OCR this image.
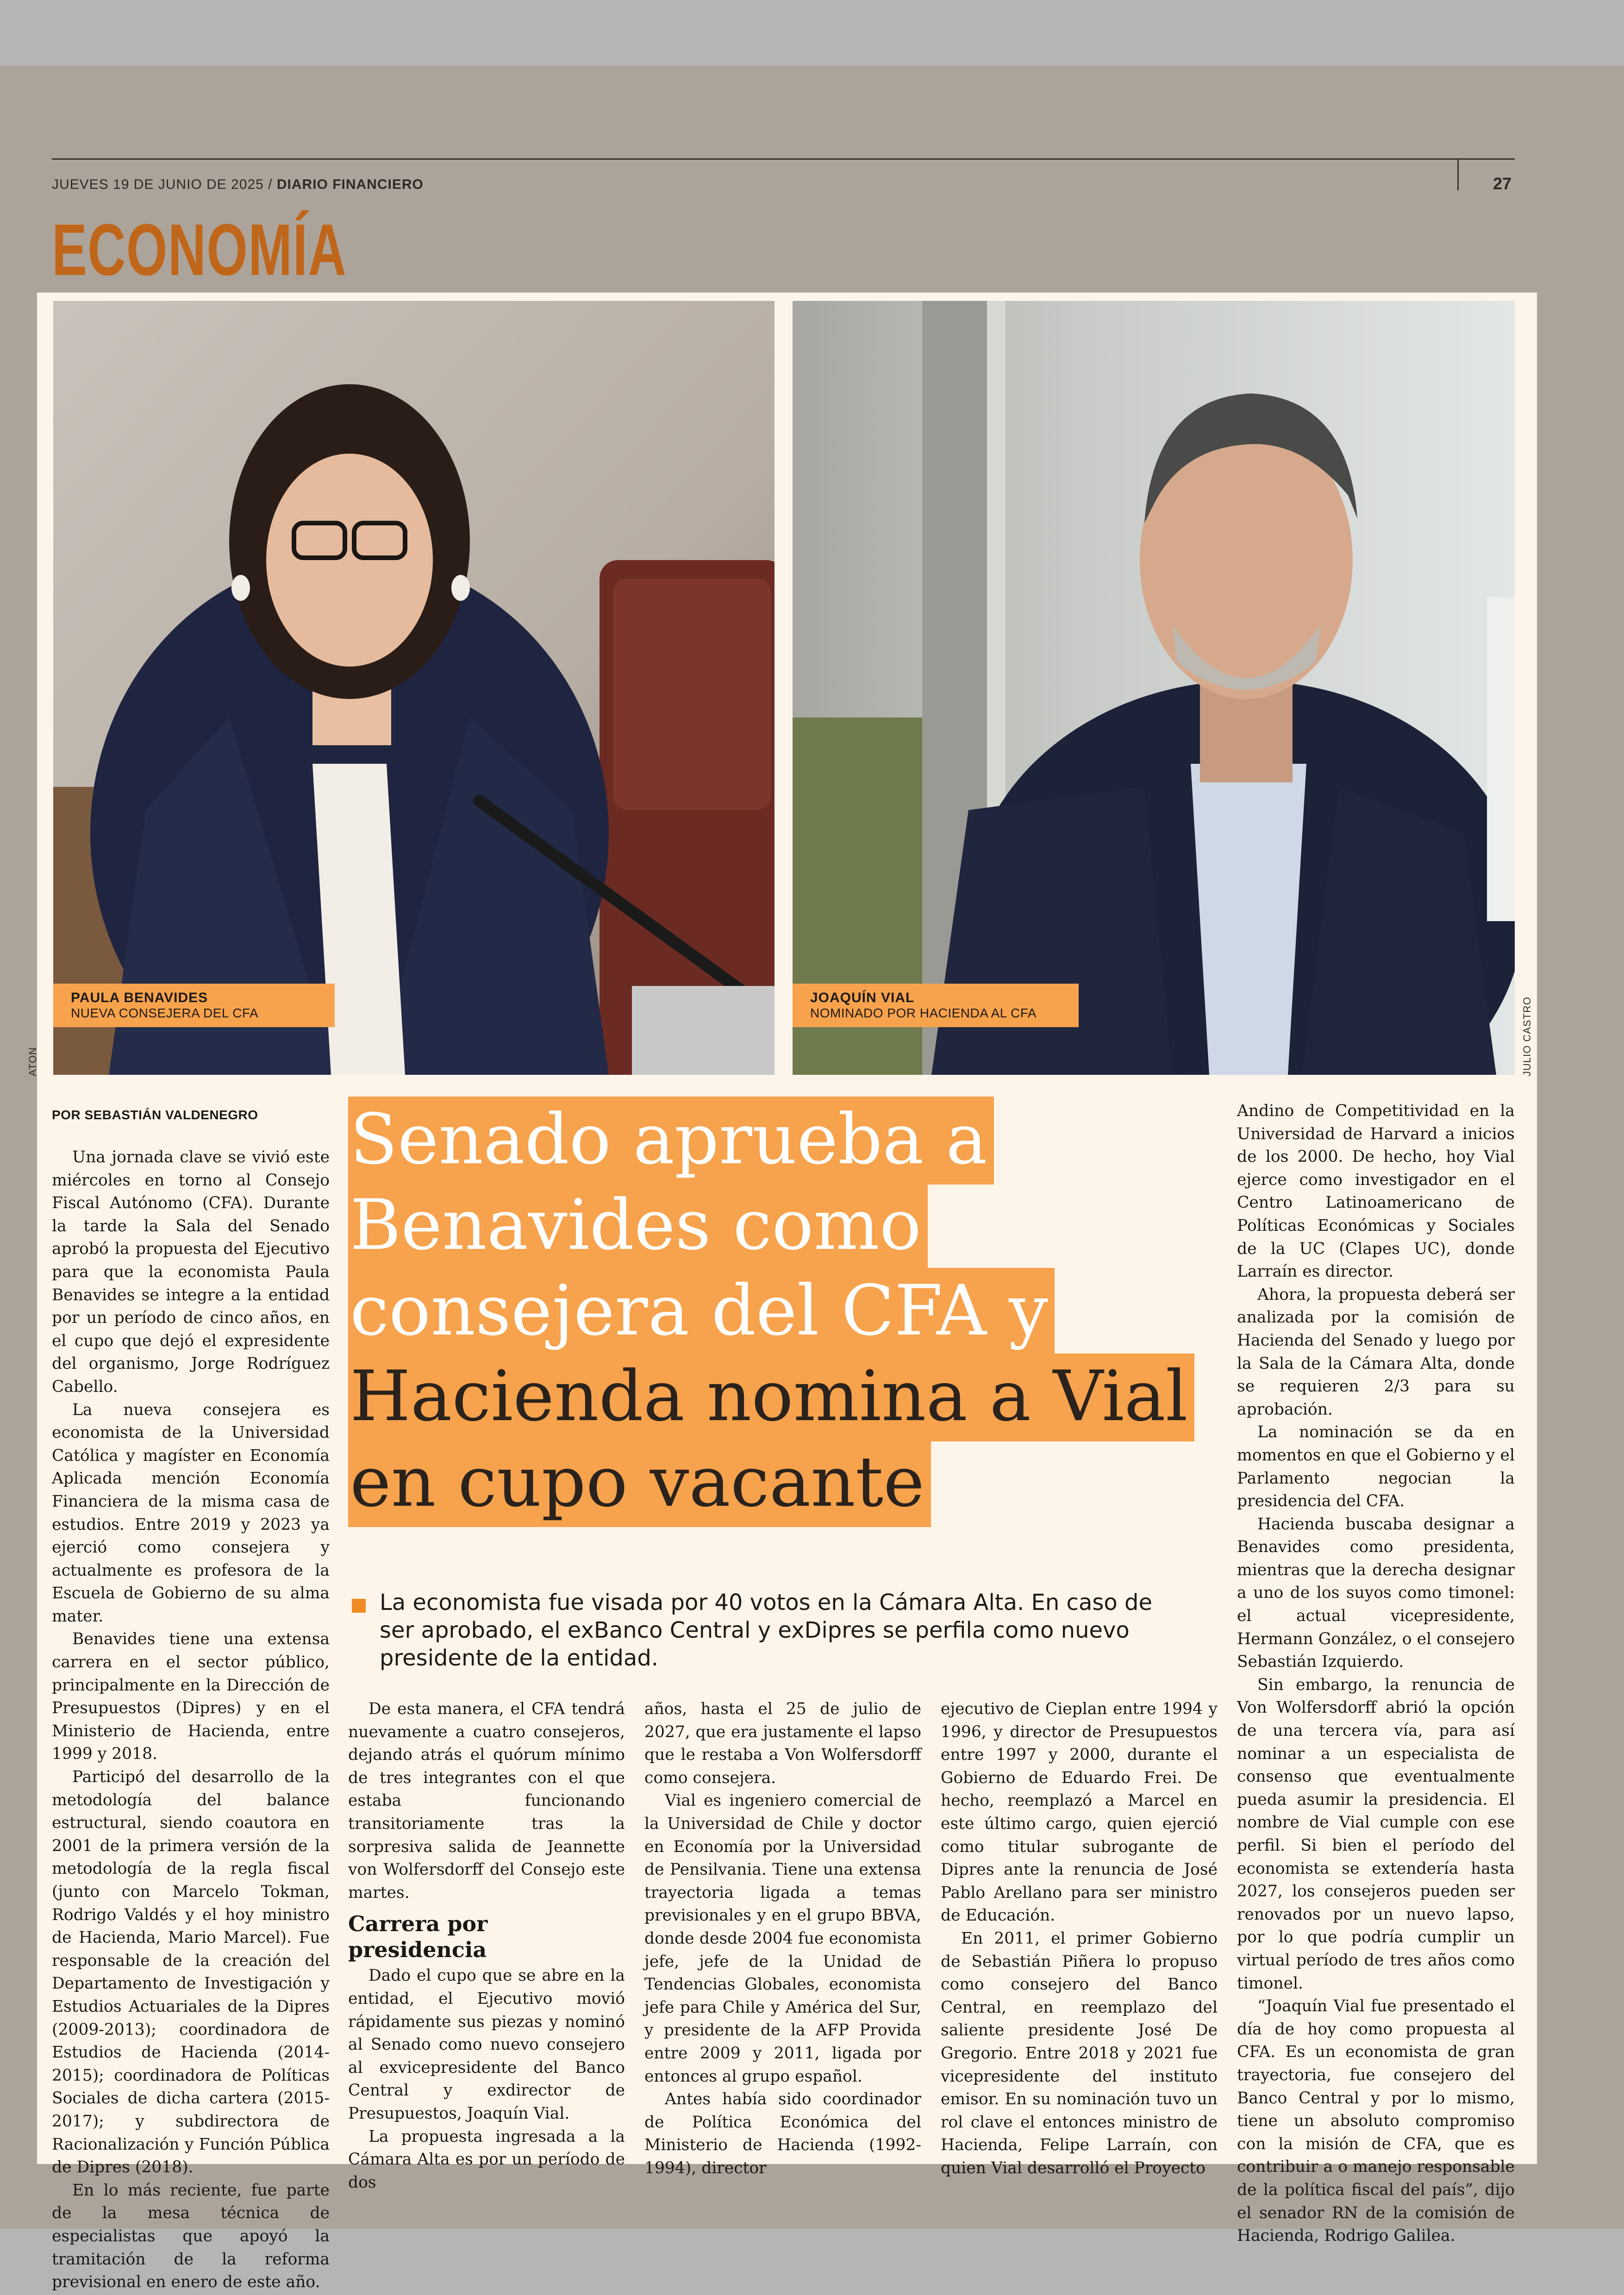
JUEVES 19 DE JUNIO DE 2025 / DIARIO FINANCIERO	27
ECONOMÍA
PAULA BENAVIDES
NUEVA CONSEJERA DEL CFA
ATON
JOAQUÍN VIAL
NOMINADO POR HACIENDA AL CFA	JULIO CASTRO
POR SEBASTIÁN VALDENEGRO

Una jornada clave se vivió este miércoles en torno al Consejo Fiscal Autónomo (CFA). Durante la tarde la Sala del Senado aprobó la propuesta del Ejecutivo para que la economista Paula Benavides se integre a la entidad por un período de cinco años, en el cupo que dejó el expresidente del organismo, Jorge Rodríguez Cabello.

La nueva consejera es economista de la Universidad Católica y magíster en Economía Aplicada mención Economía Financiera de la misma casa de estudios. Entre 2019 y 2023 ya ejerció como consejera y actualmente es profesora de la Escuela de Gobierno de su alma mater.

Benavides tiene una extensa carrera en el sector público, principalmente en la Dirección de Presupuestos (Dipres) y en el Ministerio de Hacienda, entre 1999 y 2018.

Participó del desarrollo de la metodología del balance estructural, siendo coautora en 2001 de la primera versión de la metodología de la regla fiscal (junto con Marcelo Tokman, Rodrigo Valdés y el hoy ministro de Hacienda, Mario Marcel). Fue responsable de la creación del Departamento de Investigación y Estudios Actuariales de la Dipres (2009-2013); coordinadora de Estudios de Hacienda (2014-2015); coordinadora de Políticas Sociales de dicha cartera (2015-2017); y subdirectora de Racionalización y Función Pública de Dipres (2018).

En lo más reciente, fue parte de la mesa técnica de especialistas que apoyó la tramitación de la reforma previsional en enero de este año.

Senado aprueba a Benavides como consejera del CFA y Hacienda nomina a Vial en cupo vacante
La economista fue visada por 40 votos en la Cámara Alta. En caso de ser aprobado, el exBanco Central y exDipres se perfila como nuevo presidente de la entidad.

De esta manera, el CFA tendrá nuevamente a cuatro consejeros, dejando atrás el quórum mínimo de tres integrantes con el que estaba funcionando transitoriamente tras la sorpresiva salida de Jeannette von Wolfersdorff del Consejo este martes.

Carrera por presidencia

Dado el cupo que se abre en la entidad, el Ejecutivo movió rápidamente sus piezas y nominó al Senado como nuevo consejero al exvicepresidente del Banco Central y exdirector de Presupuestos, Joaquín Vial.

La propuesta ingresada a la Cámara Alta es por un período de dos

años, hasta el 25 de julio de 2027, que era justamente el lapso que le restaba a Von Wolfersdorff como consejera.

Vial es ingeniero comercial de la Universidad de Chile y doctor en Economía por la Universidad de Pensilvania. Tiene una extensa trayectoria ligada a temas previsionales y en el grupo BBVA, donde desde 2004 fue economista jefe, jefe de la Unidad de Tendencias Globales, economista jefe para Chile y América del Sur, y presidente de la AFP Provida entre 2009 y 2011, ligada por entonces al grupo español.

Antes había sido coordinador de Política Económica del Ministerio de Hacienda (1992-1994), director

ejecutivo de Cieplan entre 1994 y 1996, y director de Presupuestos entre 1997 y 2000, durante el Gobierno de Eduardo Frei. De hecho, reemplazó a Marcel en este último cargo, quien ejerció como titular subrogante de Dipres ante la renuncia de José Pablo Arellano para ser ministro de Educación.

En 2011, el primer Gobierno de Sebastián Piñera lo propuso como consejero del Banco Central, en reemplazo del saliente presidente José De Gregorio. Entre 2018 y 2021 fue vicepresidente del instituto emisor. En su nominación tuvo un rol clave el entonces ministro de Hacienda, Felipe Larraín, con quien Vial desarrolló el Proyecto

Andino de Competitividad en la Universidad de Harvard a inicios de los 2000. De hecho, hoy Vial ejerce como investigador en el Centro Latinoamericano de Políticas Económicas y Sociales de la UC (Clapes UC), donde Larraín es director.

Ahora, la propuesta deberá ser analizada por la comisión de Hacienda del Senado y luego por la Sala de la Cámara Alta, donde se requieren 2/3 para su aprobación.

La nominación se da en momentos en que el Gobierno y el Parlamento negocian la presidencia del CFA.

Hacienda buscaba designar a Benavides como presidenta, mientras que la derecha designar a uno de los suyos como timonel: el actual vicepresidente, Hermann González, o el consejero Sebastián Izquierdo.

Sin embargo, la renuncia de Von Wolfersdorff abrió la opción de una tercera vía, para así nominar a un especialista de consenso que eventualmente pueda asumir la presidencia. El nombre de Vial cumple con ese perfil. Si bien el período del economista se extendería hasta 2027, los consejeros pueden ser renovados por un nuevo lapso, por lo que podría cumplir un virtual período de tres años como timonel.

“Joaquín Vial fue presentado el día de hoy como propuesta al CFA. Es un economista de gran trayectoria, fue consejero del Banco Central y por lo mismo, tiene un absoluto compromiso con la misión de CFA, que es contribuir a o manejo responsable de la política fiscal del país”, dijo el senador RN de la comisión de Hacienda, Rodrigo Galilea.
